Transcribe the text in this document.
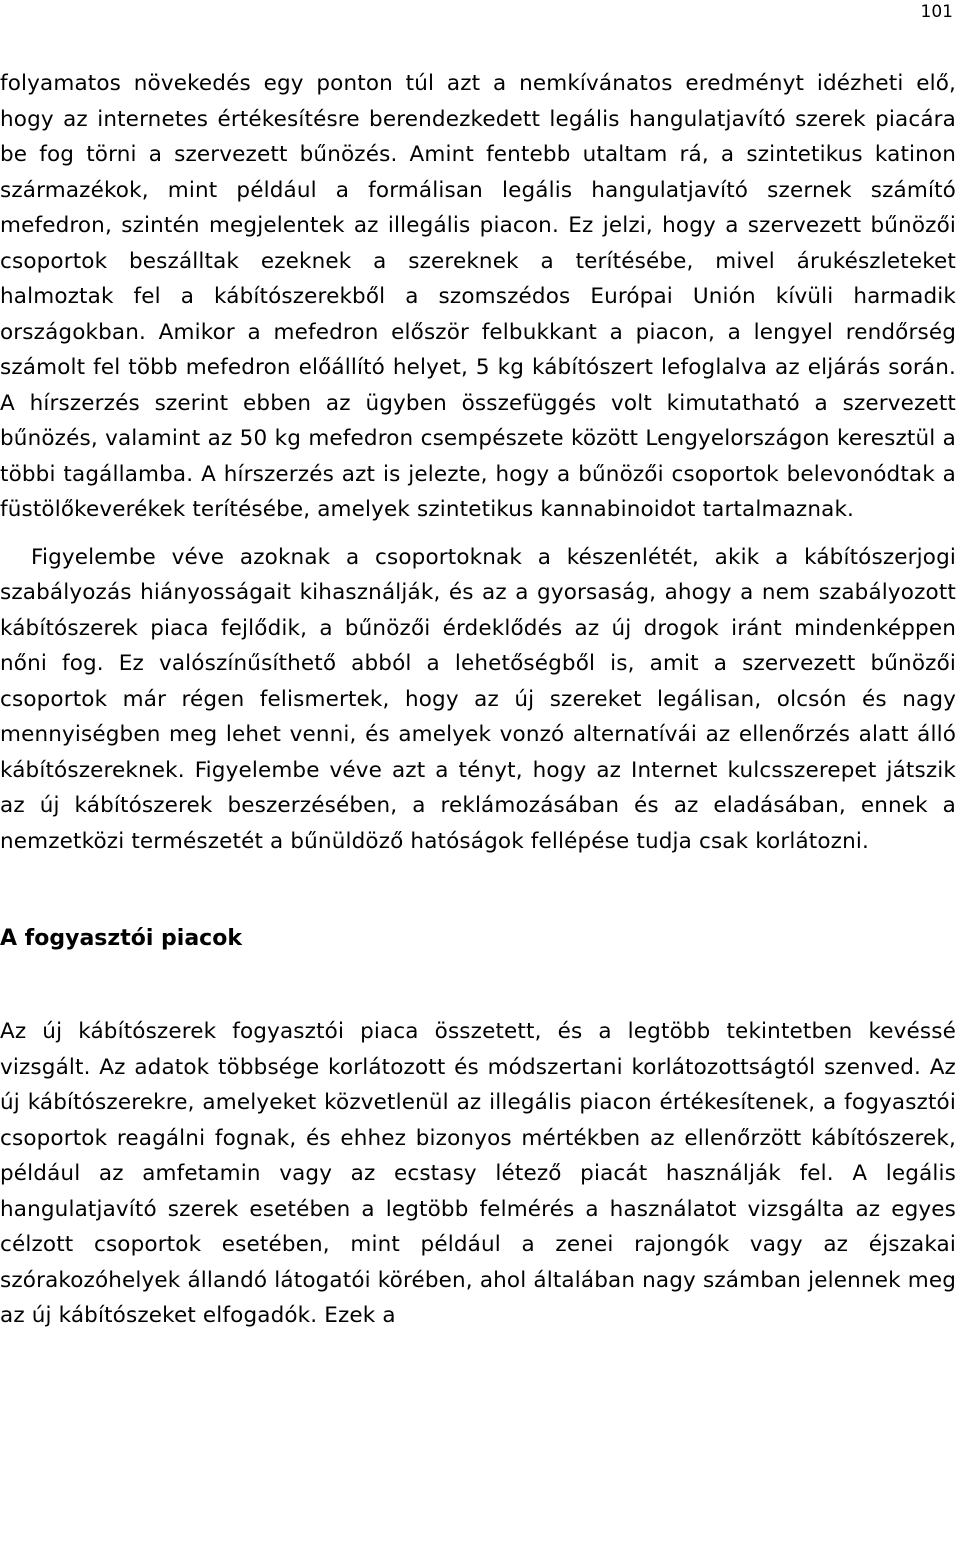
101

folyamatos növekedés egy ponton túl azt a nemkívánatos eredményt idézheti elő, hogy az internetes értékesítésre berendezkedett legális hangulatjavító szerek piacára be fog törni a szervezett bűnözés. Amint fentebb utaltam rá, a szintetikus katinon származékok, mint például a formálisan legális hangulatjavító szernek számító mefedron, szintén megjelentek az illegális piacon. Ez jelzi, hogy a szervezett bűnözői csoportok beszálltak ezeknek a szereknek a terítésébe, mivel árukészleteket halmoztak fel a kábítószerekből a szomszédos Európai Unión kívüli harmadik országokban. Amikor a mefedron először felbukkant a piacon, a lengyel rendőrség számolt fel több mefedron előállító helyet, 5 kg kábítószert lefoglalva az eljárás során. A hírszerzés szerint ebben az ügyben összefüggés volt kimutatható a szervezett bűnözés, valamint az 50 kg mefedron csempészete között Lengyelországon keresztül a többi tagállamba. A hírszerzés azt is jelezte, hogy a bűnözői csoportok belevonódtak a füstölőkeverékek terítésébe, amelyek szintetikus kannabinoidot tartalmaznak.

Figyelembe véve azoknak a csoportoknak a készenlétét, akik a kábítószerjogi szabályozás hiányosságait kihasználják, és az a gyorsaság, ahogy a nem szabályozott kábítószerek piaca fejlődik, a bűnözői érdeklődés az új drogok iránt mindenképpen nőni fog. Ez valószínűsíthető abból a lehetőségből is, amit a szervezett bűnözői csoportok már régen felismertek, hogy az új szereket legálisan, olcsón és nagy mennyiségben meg lehet venni, és amelyek vonzó alternatívái az ellenőrzés alatt álló kábítószereknek. Figyelembe véve azt a tényt, hogy az Internet kulcsszerepet játszik az új kábítószerek beszerzésében, a reklámozásában és az eladásában, ennek a nemzetközi természetét a bűnüldöző hatóságok fellépése tudja csak korlátozni.

A fogyasztói piacok

Az új kábítószerek fogyasztói piaca összetett, és a legtöbb tekintetben kevéssé vizsgált. Az adatok többsége korlátozott és módszertani korlátozottságtól szenved. Az új kábítószerekre, amelyeket közvetlenül az illegális piacon értékesítenek, a fogyasztói csoportok reagálni fognak, és ehhez bizonyos mértékben az ellenőrzött kábítószerek, például az amfetamin vagy az ecstasy létező piacát használják fel. A legális hangulatjavító szerek esetében a legtöbb felmérés a használatot vizsgálta az egyes célzott csoportok esetében, mint például a zenei rajongók vagy az éjszakai szórakozóhelyek állandó látogatói körében, ahol általában nagy számban jelennek meg az új kábítószeket elfogadók. Ezek a
